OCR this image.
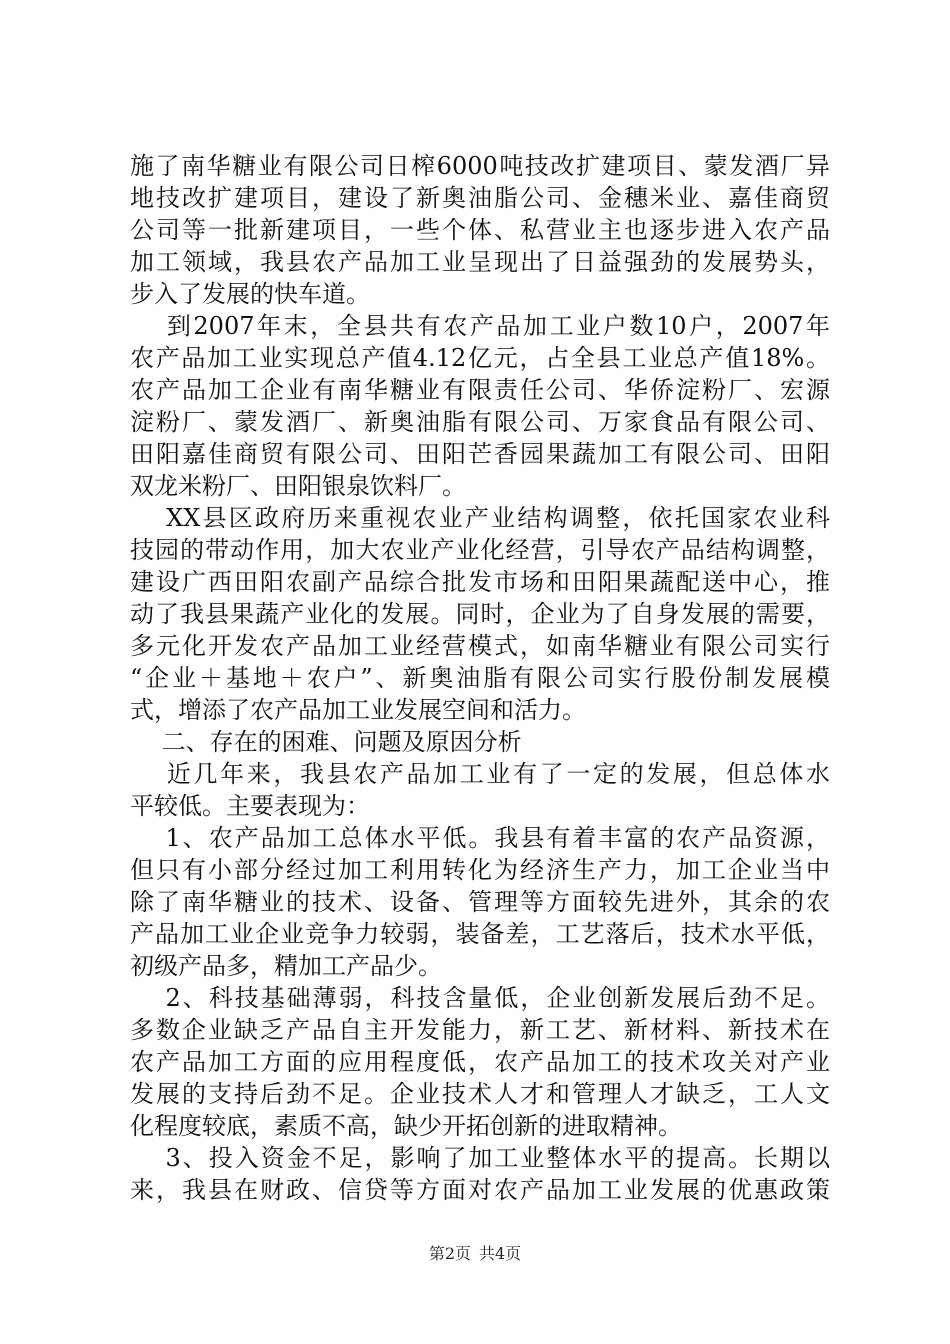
施了南华糖业有限公司日榨6000吨技改扩建项目、蒙发酒厂异
地技改扩建项目，建设了新奥油脂公司、金穗米业、嘉佳商贸
公司等一批新建项目，一些个体、私营业主也逐步进入农产品
加工领域，我县农产品加工业呈现出了日益强劲的发展势头，
步入了发展的快车道。
　 到2007年末，全县共有农产品加工业户数10户，2007年
农产品加工业实现总产值4.12亿元，占全县工业总产值18%。
农产品加工企业有南华糖业有限责任公司、华侨淀粉厂、宏源
淀粉厂、蒙发酒厂、新奥油脂有限公司、万家食品有限公司、
田阳嘉佳商贸有限公司、田阳芒香园果蔬加工有限公司、田阳
双龙米粉厂、田阳银泉饮料厂。
　 XX县区政府历来重视农业产业结构调整，依托国家农业科
技园的带动作用，加大农业产业化经营，引导农产品结构调整，
建设广西田阳农副产品综合批发市场和田阳果蔬配送中心，推
动了我县果蔬产业化的发展。同时，企业为了自身发展的需要，
多元化开发农产品加工业经营模式，如南华糖业有限公司实行
“企业＋基地＋农户”、新奥油脂有限公司实行股份制发展模
式，增添了农产品加工业发展空间和活力。
　 二、存在的困难、问题及原因分析
　 近几年来，我县农产品加工业有了一定的发展，但总体水
平较低。主要表现为：
　 1、农产品加工总体水平低。我县有着丰富的农产品资源，
但只有小部分经过加工利用转化为经济生产力，加工企业当中
除了南华糖业的技术、设备、管理等方面较先进外，其余的农
产品加工业企业竞争力较弱，装备差，工艺落后，技术水平低，
初级产品多，精加工产品少。
　 2、科技基础薄弱，科技含量低，企业创新发展后劲不足。
多数企业缺乏产品自主开发能力，新工艺、新材料、新技术在
农产品加工方面的应用程度低，农产品加工的技术攻关对产业
发展的支持后劲不足。企业技术人才和管理人才缺乏，工人文
化程度较底，素质不高，缺少开拓创新的进取精神。
　 3、投入资金不足，影响了加工业整体水平的提高。长期以
来，我县在财政、信贷等方面对农产品加工业发展的优惠政策
第2页 共4页
